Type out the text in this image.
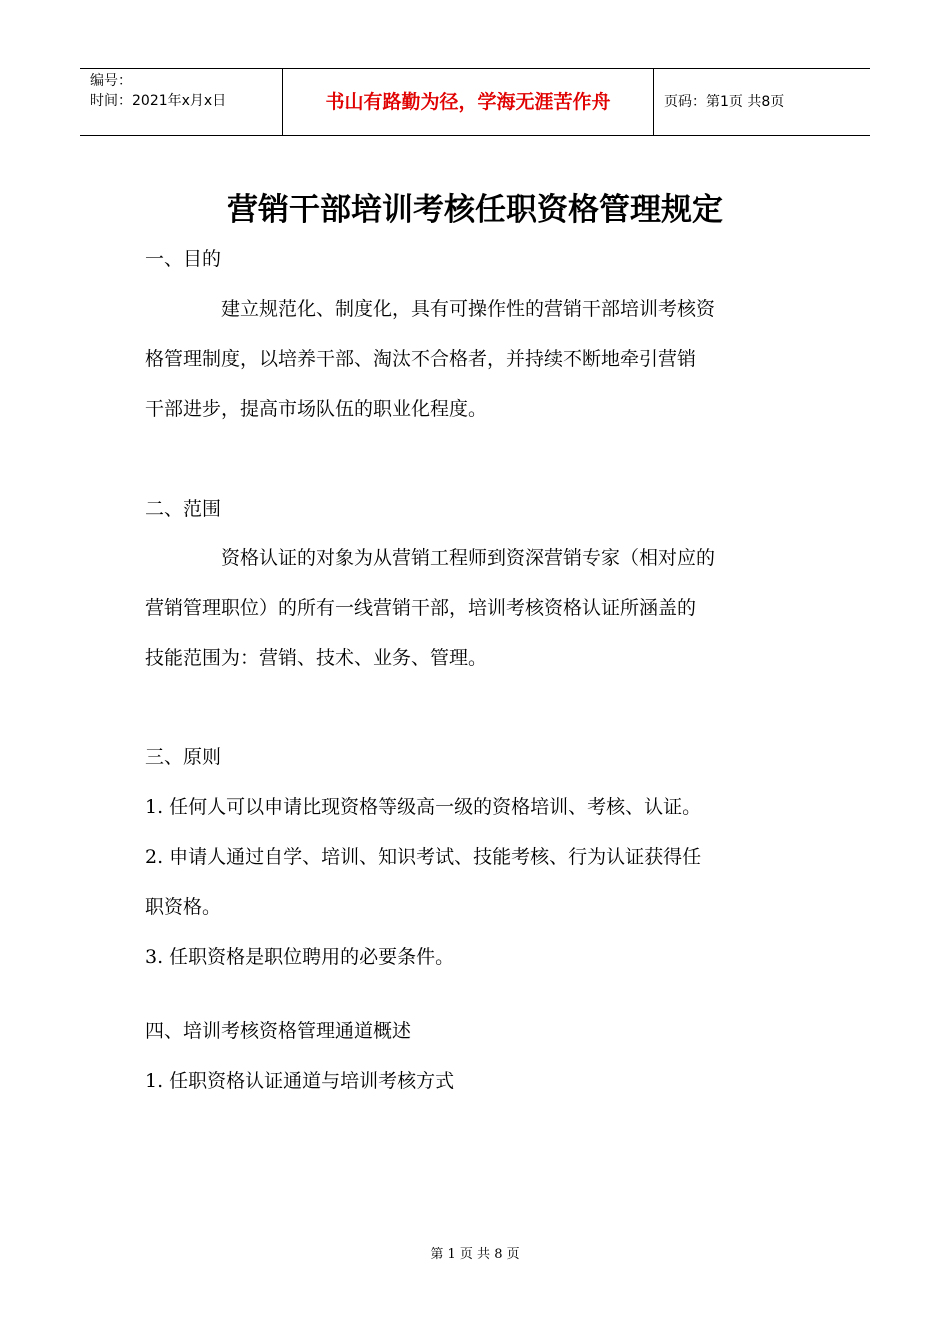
编号：
时间：2021年x月x日	书山有路勤为径，学海无涯苦作舟	页码：第1页 共8页
营销干部培训考核任职资格管理规定
一、目的
建立规范化、制度化，具有可操作性的营销干部培训考核资
格管理制度，以培养干部、淘汰不合格者，并持续不断地牵引营销
干部进步，提高市场队伍的职业化程度。
二、范围
资格认证的对象为从营销工程师到资深营销专家（相对应的
营销管理职位）的所有一线营销干部，培训考核资格认证所涵盖的
技能范围为：营销、技术、业务、管理。
三、原则
1. 任何人可以申请比现资格等级高一级的资格培训、考核、认证。
2. 申请人通过自学、培训、知识考试、技能考核、行为认证获得任
职资格。
3. 任职资格是职位聘用的必要条件。
四、培训考核资格管理通道概述
1. 任职资格认证通道与培训考核方式
第 1 页 共 8 页
